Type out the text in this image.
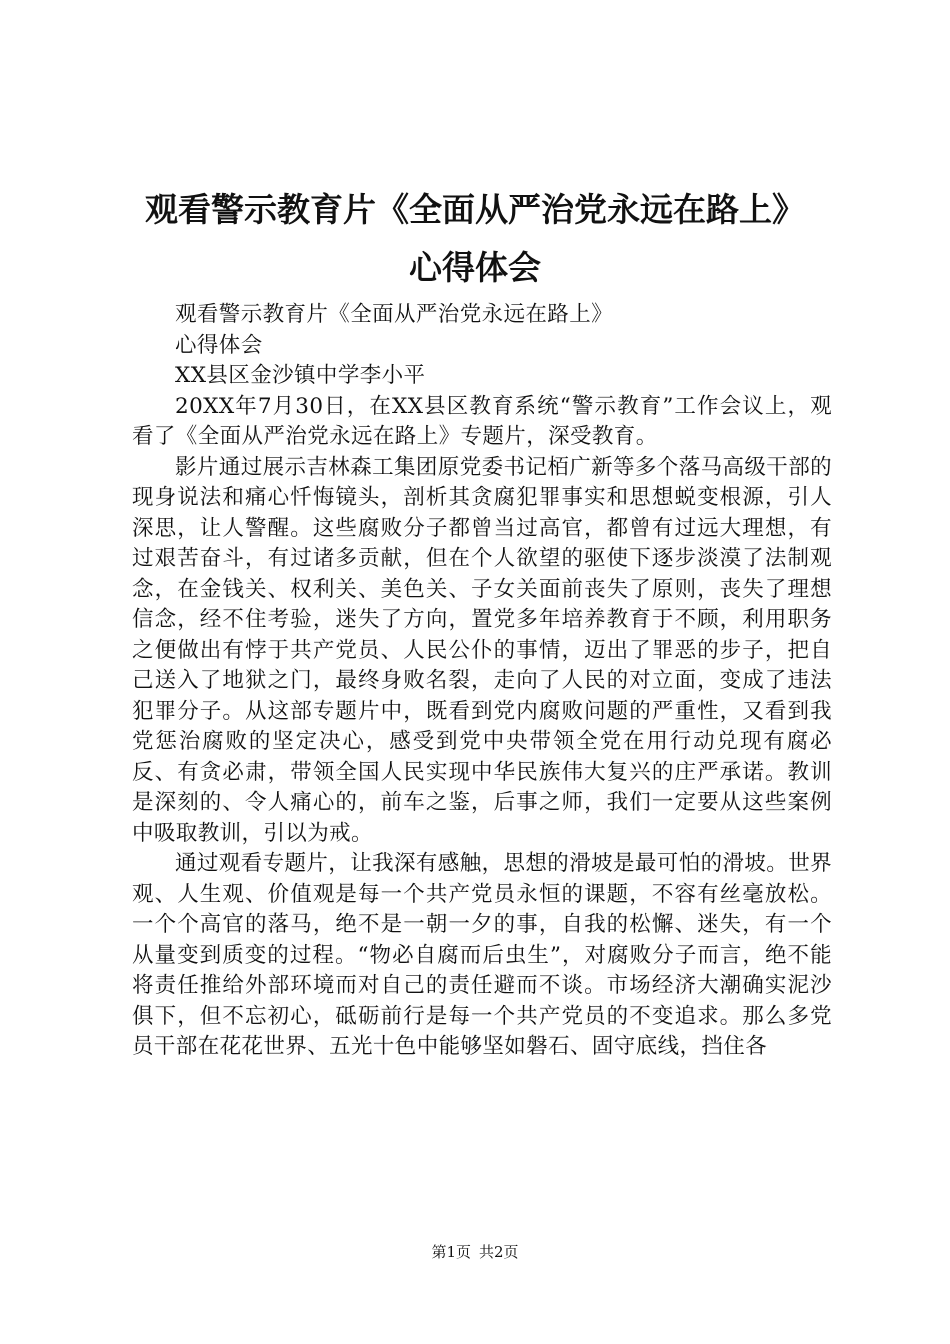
观看警示教育片《全面从严治党永远在路上》
心得体会

观看警示教育片《全面从严治党永远在路上》

心得体会

XX县区金沙镇中学李小平

20XX年7月30日，在XX县区教育系统“警示教育”工作会议上，观看了《全面从严治党永远在路上》专题片，深受教育。

影片通过展示吉林森工集团原党委书记栢广新等多个落马高级干部的现身说法和痛心忏悔镜头，剖析其贪腐犯罪事实和思想蜕变根源，引人深思，让人警醒。这些腐败分子都曾当过高官，都曾有过远大理想，有过艰苦奋斗，有过诸多贡献，但在个人欲望的驱使下逐步淡漠了法制观念，在金钱关、权利关、美色关、子女关面前丧失了原则，丧失了理想信念，经不住考验，迷失了方向，置党多年培养教育于不顾，利用职务之便做出有悖于共产党员、人民公仆的事情，迈出了罪恶的步子，把自己送入了地狱之门，最终身败名裂，走向了人民的对立面，变成了违法犯罪分子。从这部专题片中，既看到党内腐败问题的严重性，又看到我党惩治腐败的坚定决心，感受到党中央带领全党在用行动兑现有腐必反、有贪必肃，带领全国人民实现中华民族伟大复兴的庄严承诺。教训是深刻的、令人痛心的，前车之鉴，后事之师，我们一定要从这些案例中吸取教训，引以为戒。

通过观看专题片，让我深有感触，思想的滑坡是最可怕的滑坡。世界观、人生观、价值观是每一个共产党员永恒的课题，不容有丝毫放松。一个个高官的落马，绝不是一朝一夕的事，自我的松懈、迷失，有一个从量变到质变的过程。“物必自腐而后虫生”，对腐败分子而言，绝不能将责任推给外部环境而对自己的责任避而不谈。市场经济大潮确实泥沙俱下，但不忘初心，砥砺前行是每一个共产党员的不变追求。那么多党员干部在花花世界、五光十色中能够坚如磐石、固守底线，挡住各

第1页 共2页
